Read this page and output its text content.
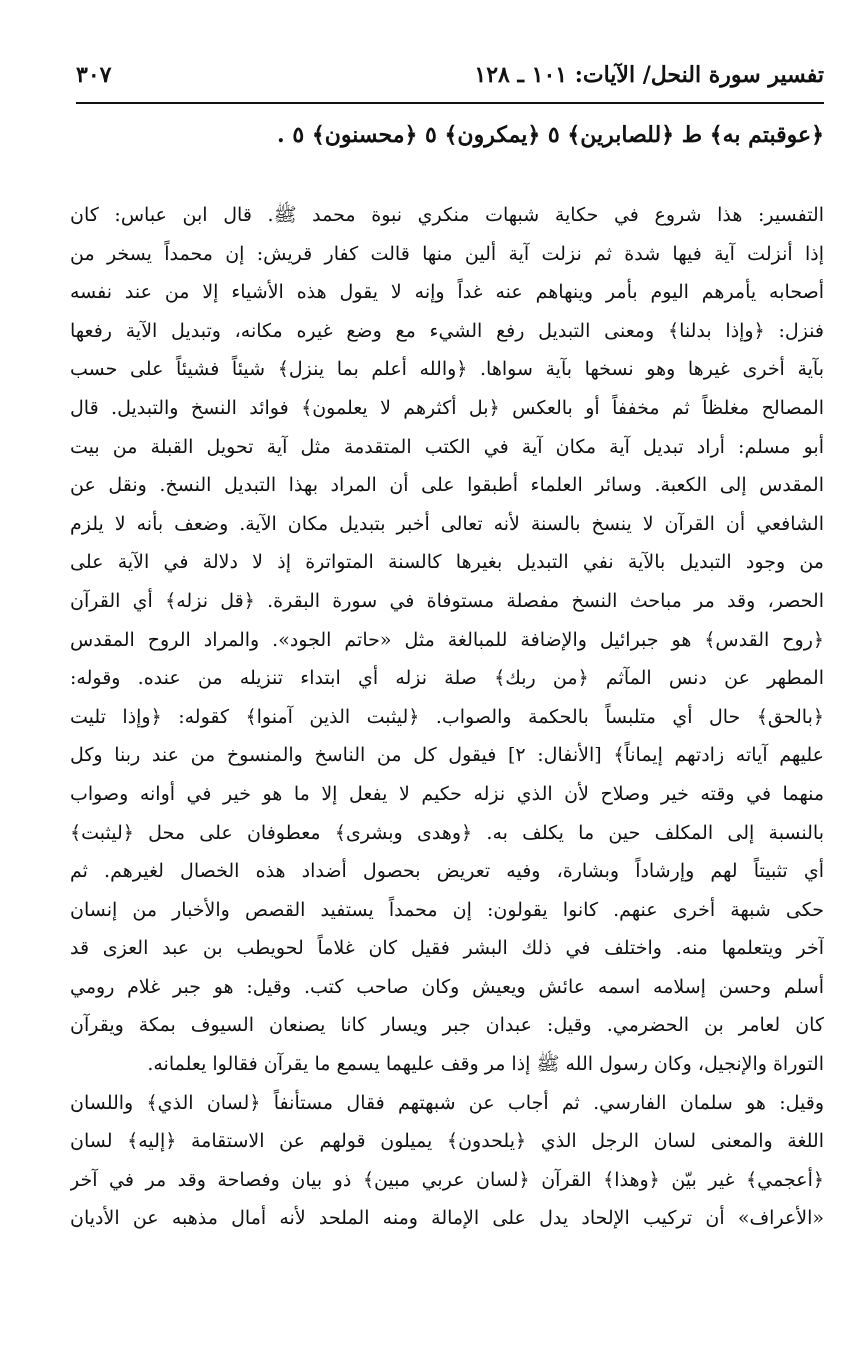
تفسير سورة النحل/ الآيات: ١٠١ ـ ١٢٨
٣٠٧
﴿عوقبتم به﴾ ط ﴿للصابرين﴾ ٥ ﴿يمكرون﴾ ٥ ﴿محسنون﴾ ٥ .
التفسير: هذا شروع في حكاية شبهات منكري نبوة محمد ﷺ. قال ابن عباس: كان
إذا أنزلت آية فيها شدة ثم نزلت آية ألين منها قالت كفار قريش: إن محمداً يسخر من
أصحابه يأمرهم اليوم بأمر وينهاهم عنه غداً وإنه لا يقول هذه الأشياء إلا من عند نفسه
فنزل: ﴿وإذا بدلنا﴾ ومعنى التبديل رفع الشيء مع وضع غيره مكانه، وتبديل الآية رفعها
بآية أخرى غيرها وهو نسخها بآية سواها. ﴿والله أعلم بما ينزل﴾ شيئاً فشيئاً على حسب
المصالح مغلظاً ثم مخففاً أو بالعكس ﴿بل أكثرهم لا يعلمون﴾ فوائد النسخ والتبديل. قال
أبو مسلم: أراد تبديل آية مكان آية في الكتب المتقدمة مثل آية تحويل القبلة من بيت
المقدس إلى الكعبة. وسائر العلماء أطبقوا على أن المراد بهذا التبديل النسخ. ونقل عن
الشافعي أن القرآن لا ينسخ بالسنة لأنه تعالى أخبر بتبديل مكان الآية. وضعف بأنه لا يلزم
من وجود التبديل بالآية نفي التبديل بغيرها كالسنة المتواترة إذ لا دلالة في الآية على
الحصر، وقد مر مباحث النسخ مفصلة مستوفاة في سورة البقرة. ﴿قل نزله﴾ أي القرآن
﴿روح القدس﴾ هو جبرائيل والإضافة للمبالغة مثل «حاتم الجود». والمراد الروح المقدس
المطهر عن دنس المآثم ﴿من ربك﴾ صلة نزله أي ابتداء تنزيله من عنده. وقوله:
﴿بالحق﴾ حال أي متلبساً بالحكمة والصواب. ﴿ليثبت الذين آمنوا﴾ كقوله: ﴿وإذا تليت
عليهم آياته زادتهم إيماناً﴾ [الأنفال: ٢] فيقول كل من الناسخ والمنسوخ من عند ربنا وكل
منهما في وقته خير وصلاح لأن الذي نزله حكيم لا يفعل إلا ما هو خير في أوانه وصواب
بالنسبة إلى المكلف حين ما يكلف به. ﴿وهدى وبشرى﴾ معطوفان على محل ﴿ليثبت﴾
أي تثبيتاً لهم وإرشاداً وبشارة، وفيه تعريض بحصول أضداد هذه الخصال لغيرهم. ثم
حكى شبهة أخرى عنهم. كانوا يقولون: إن محمداً يستفيد القصص والأخبار من إنسان
آخر ويتعلمها منه. واختلف في ذلك البشر فقيل كان غلاماً لحويطب بن عبد العزى قد
أسلم وحسن إسلامه اسمه عائش ويعيش وكان صاحب كتب. وقيل: هو جبر غلام رومي
كان لعامر بن الحضرمي. وقيل: عبدان جبر ويسار كانا يصنعان السيوف بمكة ويقرآن
التوراة والإنجيل، وكان رسول الله ﷺ إذا مر وقف عليهما يسمع ما يقرآن فقالوا يعلمانه.
وقيل: هو سلمان الفارسي. ثم أجاب عن شبهتهم فقال مستأنفاً ﴿لسان الذي﴾ واللسان
اللغة والمعنى لسان الرجل الذي ﴿يلحدون﴾ يميلون قولهم عن الاستقامة ﴿إليه﴾ لسان
﴿أعجمي﴾ غير بيّن ﴿وهذا﴾ القرآن ﴿لسان عربي مبين﴾ ذو بيان وفصاحة وقد مر في آخر
«الأعراف» أن تركيب الإلحاد يدل على الإمالة ومنه الملحد لأنه أمال مذهبه عن الأديان
